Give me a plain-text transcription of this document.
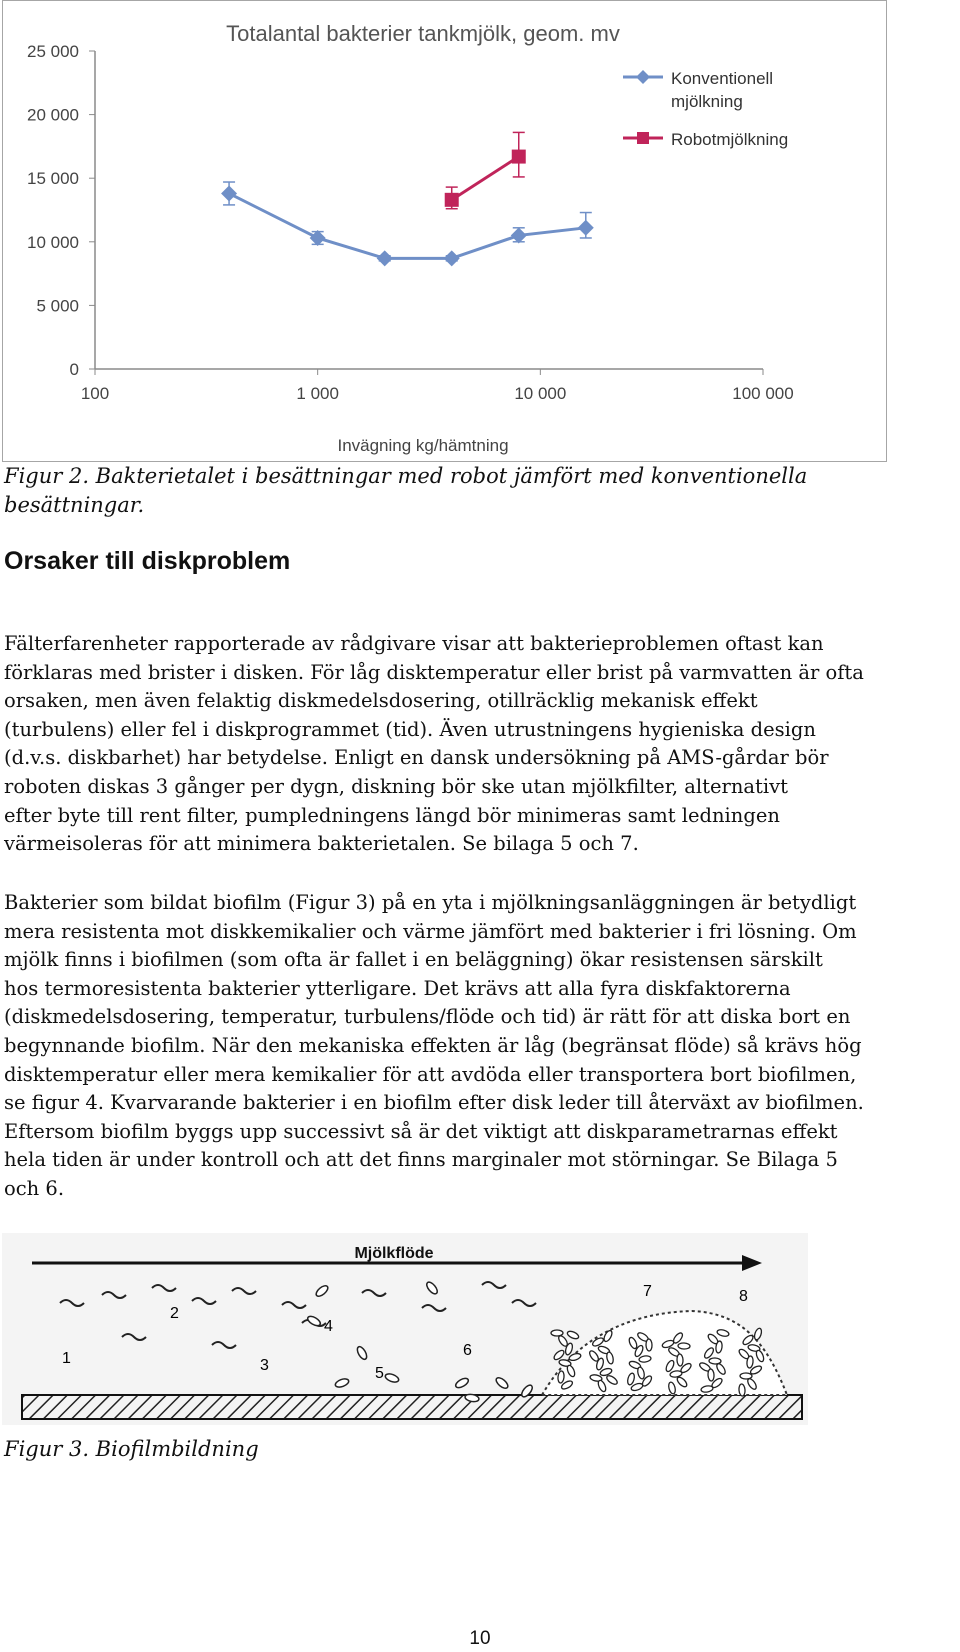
Totalantal bakterier tankmjölk, geom. mv
0
5 000
10 000
15 000
20 000
25 000
100	1 000	10 000	100 000
Konventionell
mjölkning
Robotmjölkning
Invägning kg/hämtning

Figur 2. Bakterietalet i besättningar med robot jämfört med konventionella besättningar.

Orsaker till diskproblem

Fälterfarenheter rapporterade av rådgivare visar att bakterieproblemen oftast kan
förklaras med brister i disken. För låg disktemperatur eller brist på varmvatten är ofta
orsaken, men även felaktig diskmedelsdosering, otillräcklig mekanisk effekt
(turbulens) eller fel i diskprogrammet (tid). Även utrustningens hygieniska design
(d.v.s. diskbarhet) har betydelse. Enligt en dansk undersökning på AMS-gårdar bör
roboten diskas 3 gånger per dygn, diskning bör ske utan mjölkfilter, alternativt
efter byte till rent filter, pumpledningens längd bör minimeras samt ledningen
värmeisoleras för att minimera bakterietalen. Se bilaga 5 och 7.

Bakterier som bildat biofilm (Figur 3) på en yta i mjölkningsanläggningen är betydligt
mera resistenta mot diskkemikalier och värme jämfört med bakterier i fri lösning. Om
mjölk finns i biofilmen (som ofta är fallet i en beläggning) ökar resistensen särskilt
hos termoresistenta bakterier ytterligare. Det krävs att alla fyra diskfaktorerna
(diskmedelsdosering, temperatur, turbulens/flöde och tid) är rätt för att diska bort en
begynnande biofilm. När den mekaniska effekten är låg (begränsat flöde) så krävs hög
disktemperatur eller mera kemikalier för att avdöda eller transportera bort biofilmen,
se figur 4. Kvarvarande bakterier i en biofilm efter disk leder till återväxt av biofilmen.
Eftersom biofilm byggs upp successivt så är det viktigt att diskparametrarnas effekt
hela tiden är under kontroll och att det finns marginaler mot störningar. Se Bilaga 5
och 6.

Mjölkflöde
1
2
3
4
5
6
7	8

Figur 3. Biofilmbildning

10
